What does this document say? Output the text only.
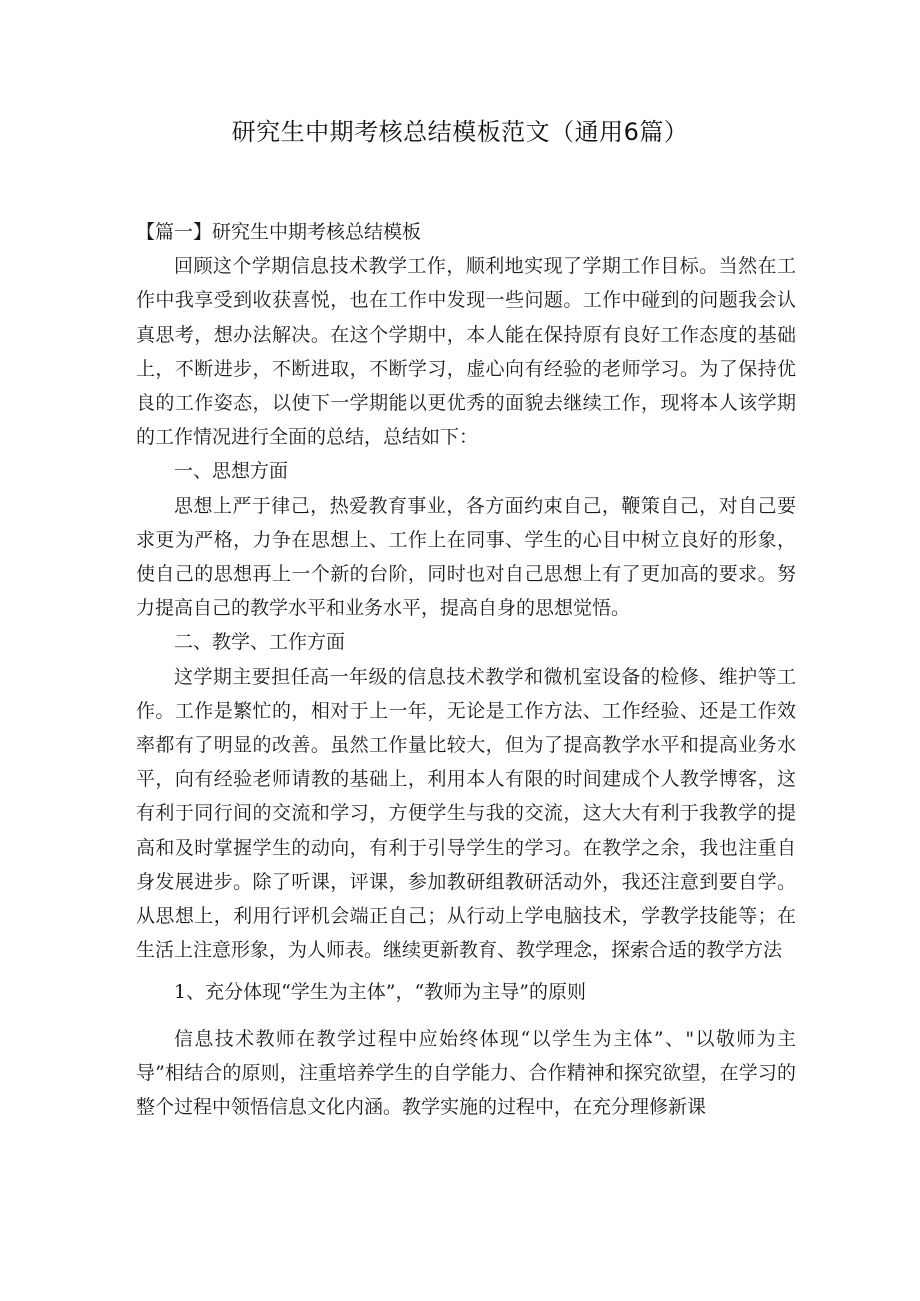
研究生中期考核总结模板范文（通用6篇）

【篇一】研究生中期考核总结模板

回顾这个学期信息技术教学工作，顺利地实现了学期工作目标。当然在工作中我享受到收获喜悦，也在工作中发现一些问题。工作中碰到的问题我会认真思考，想办法解决。在这个学期中，本人能在保持原有良好工作态度的基础上，不断进步，不断进取，不断学习，虚心向有经验的老师学习。为了保持优良的工作姿态，以使下一学期能以更优秀的面貌去继续工作，现将本人该学期的工作情况进行全面的总结，总结如下：

一、思想方面

思想上严于律己，热爱教育事业，各方面约束自己，鞭策自己，对自己要求更为严格，力争在思想上、工作上在同事、学生的心目中树立良好的形象，使自己的思想再上一个新的台阶，同时也对自己思想上有了更加高的要求。努力提高自己的教学水平和业务水平，提高自身的思想觉悟。

二、教学、工作方面

这学期主要担任高一年级的信息技术教学和微机室设备的检修、维护等工作。工作是繁忙的，相对于上一年，无论是工作方法、工作经验、还是工作效率都有了明显的改善。虽然工作量比较大，但为了提高教学水平和提高业务水平，向有经验老师请教的基础上，利用本人有限的时间建成个人教学博客，这有利于同行间的交流和学习，方便学生与我的交流，这大大有利于我教学的提高和及时掌握学生的动向，有利于引导学生的学习。在教学之余，我也注重自身发展进步。除了听课，评课，参加教研组教研活动外，我还注意到要自学。从思想上，利用行评机会端正自己；从行动上学电脑技术，学教学技能等；在生活上注意形象，为人师表。继续更新教育、教学理念，探索合适的教学方法

1、充分体现“学生为主体”，“教师为主导”的原则

信息技术教师在教学过程中应始终体现“以学生为主体”、"以敬师为主导”相结合的原则，注重培养学生的自学能力、合作精神和探究欲望，在学习的整个过程中领悟信息文化内涵。教学实施的过程中，在充分理修新课
